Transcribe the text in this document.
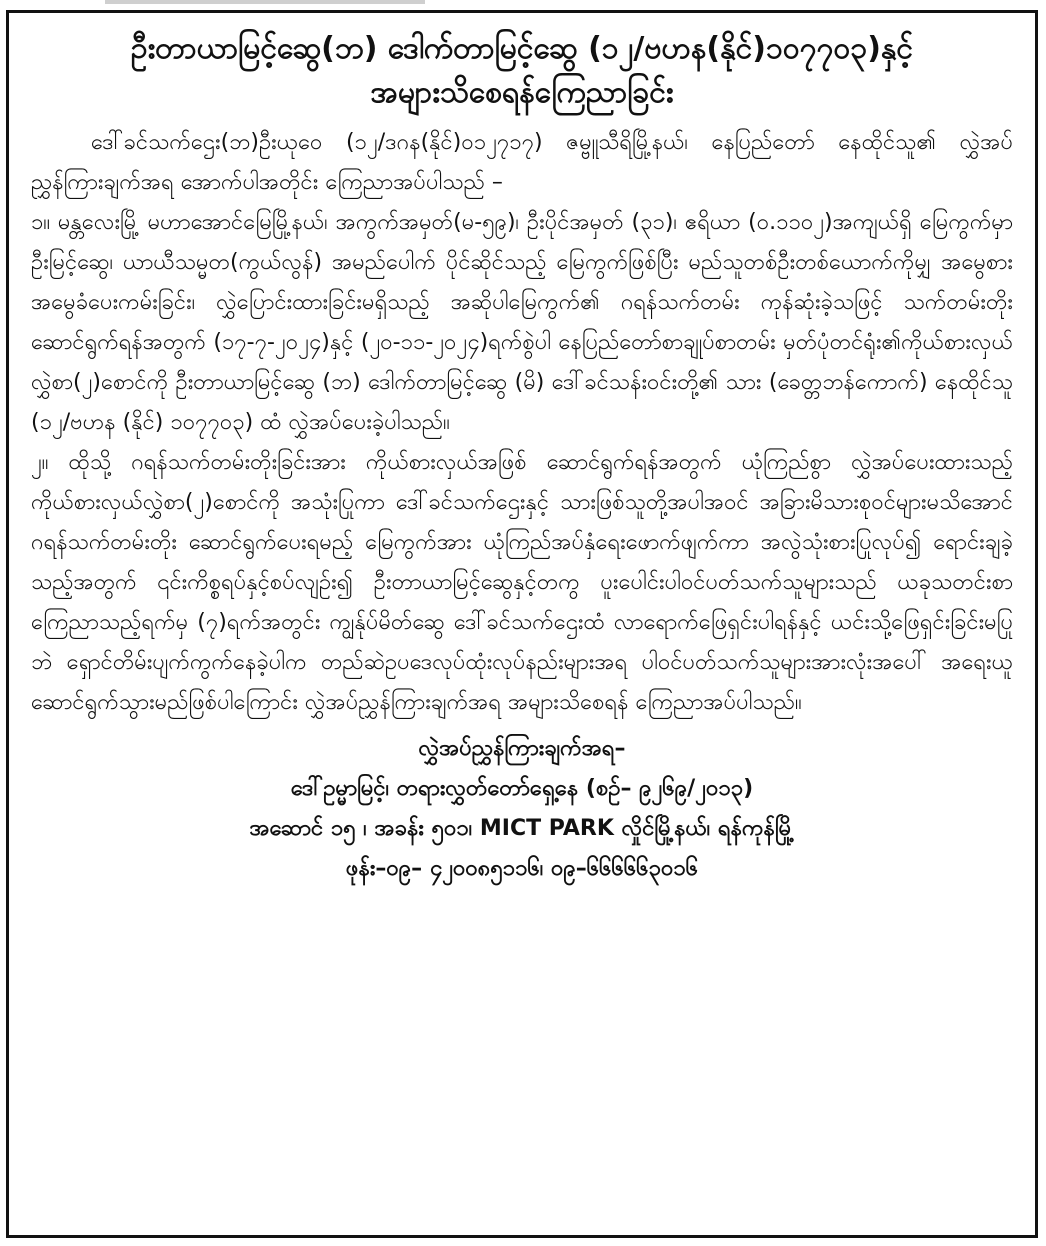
ဦးတာယာမြင့်ဆွေ(ဘ) ဒေါက်တာမြင့်ဆွေ (၁၂/ဗဟန(နိုင်)၁၀၇၇၀၃)နှင့်
အများသိစေရန်ကြေညာခြင်း

ဒေါ်ခင်သက်ဌေး(ဘ)ဦးယုဝေ (၁၂/ဒဂန(နိုင်)၀၁၂၇၁၇) ဇမ္ဗူသီရိမြို့နယ်၊ နေပြည်တော် နေထိုင်သူ၏ လွှဲအပ်ညွှန်ကြားချက်အရ အောက်ပါအတိုင်း ကြေညာအပ်ပါသည် –

၁။ မန္တလေးမြို့ မဟာအောင်မြေမြို့နယ်၊ အကွက်အမှတ်(မ-၅၉)၊ ဦးပိုင်အမှတ် (၃၁)၊ ဧရိယာ (၀.၁၁၀၂)အကျယ်ရှိ မြေကွက်မှာ ဦးမြင့်ဆွေ၊ ယာယီသမ္မတ(ကွယ်လွန်) အမည်ပေါက် ပိုင်ဆိုင်သည့် မြေကွက်ဖြစ်ပြီး မည်သူတစ်ဦးတစ်ယောက်ကိုမျှ အမွေစားအမွေခံပေးကမ်းခြင်း၊ လွှဲပြောင်းထားခြင်းမရှိသည့် အဆိုပါမြေကွက်၏ ဂရန်သက်တမ်း ကုန်ဆုံးခဲ့သဖြင့် သက်တမ်းတိုး ဆောင်ရွက်ရန်အတွက် (၁၇-၇-၂၀၂၄)နှင့် (၂၀-၁၁-၂၀၂၄)ရက်စွဲပါ နေပြည်တော်စာချုပ်စာတမ်း မှတ်ပုံတင်ရုံး၏ကိုယ်စားလှယ်လွှဲစာ(၂)စောင်ကို ဦးတာယာမြင့်ဆွေ (ဘ) ဒေါက်တာမြင့်ဆွေ (မိ) ဒေါ်ခင်သန်းဝင်းတို့၏ သား (ခေတ္တဘန်ကောက်) နေထိုင်သူ (၁၂/ဗဟန (နိုင်) ၁၀၇၇၀၃) ထံ လွှဲအပ်ပေးခဲ့ပါသည်။

၂။ ထိုသို့ ဂရန်သက်တမ်းတိုးခြင်းအား ကိုယ်စားလှယ်အဖြစ် ဆောင်ရွက်ရန်အတွက် ယုံကြည်စွာ လွှဲအပ်ပေးထားသည့် ကိုယ်စားလှယ်လွှဲစာ(၂)စောင်ကို အသုံးပြုကာ ဒေါ်ခင်သက်ဌေးနှင့် သားဖြစ်သူတို့အပါအဝင် အခြားမိသားစုဝင်များမသိအောင် ဂရန်သက်တမ်းတိုး ဆောင်ရွက်ပေးရမည့် မြေကွက်အား ယုံကြည်အပ်နှံရေးဖောက်ဖျက်ကာ အလွဲသုံးစားပြုလုပ်၍ ရောင်းချခဲ့သည့်အတွက် ၎င်းကိစ္စရပ်နှင့်စပ်လျဉ်း၍ ဦးတာယာမြင့်ဆွေနှင့်တကွ ပူးပေါင်းပါဝင်ပတ်သက်သူများသည် ယခုသတင်းစာကြေညာသည့်ရက်မှ (၇)ရက်အတွင်း ကျွန်ုပ်မိတ်ဆွေ ဒေါ်ခင်သက်ဌေးထံ လာရောက်ဖြေရှင်းပါရန်နှင့် ယင်းသို့ဖြေရှင်းခြင်းမပြုဘဲ ရှောင်တိမ်းပျက်ကွက်နေခဲ့ပါက တည်ဆဲဥပဒေလုပ်ထုံးလုပ်နည်းများအရ ပါဝင်ပတ်သက်သူများအားလုံးအပေါ် အရေးယူဆောင်ရွက်သွားမည်ဖြစ်ပါကြောင်း လွှဲအပ်ညွှန်ကြားချက်အရ အများသိစေရန် ကြေညာအပ်ပါသည်။

လွှဲအပ်ညွှန်ကြားချက်အရ–
ဒေါ်ဥမ္မာမြင့်၊ တရားလွှတ်တော်ရှေ့နေ (စဉ်– ၉၂၆၉/၂၀၁၃)
အဆောင် ၁၅ ၊ အခန်း ၅၀၁၊ MICT PARK လှိုင်မြို့နယ်၊ ရန်ကုန်မြို့
ဖုန်း–၀၉– ၄၂၀၀၈၅၁၁၆၊ ၀၉–၆၆၆၆၆၃၀၁၆
